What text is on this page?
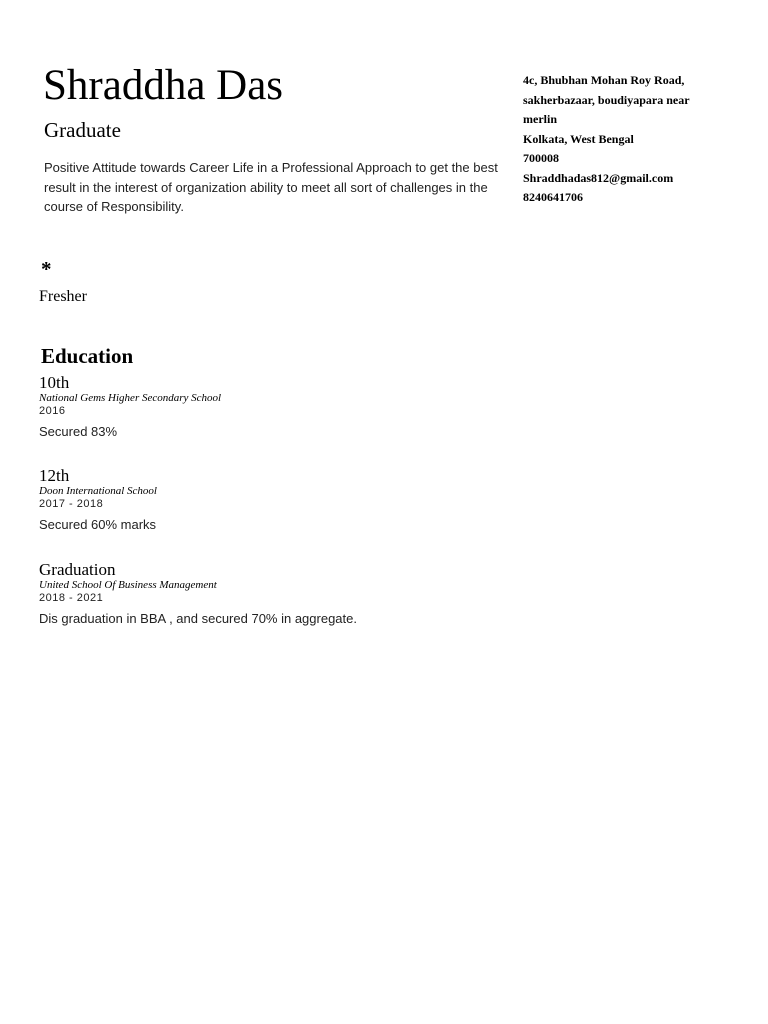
Shraddha Das
Graduate
Positive Attitude towards Career Life in a Professional Approach to get the best result in the interest of organization ability to meet all sort of challenges in the course of Responsibility.
4c, Bhubhan Mohan Roy Road,
sakherbazaar, boudiyapara near
merlin
Kolkata, West Bengal
700008
Shraddhadas812@gmail.com
8240641706
*
Fresher
Education
10th
National Gems Higher Secondary School
2016
Secured 83%
12th
Doon International School
2017 - 2018
Secured 60% marks
Graduation
United School Of Business Management
2018 - 2021
Dis graduation in BBA , and secured 70% in aggregate.
